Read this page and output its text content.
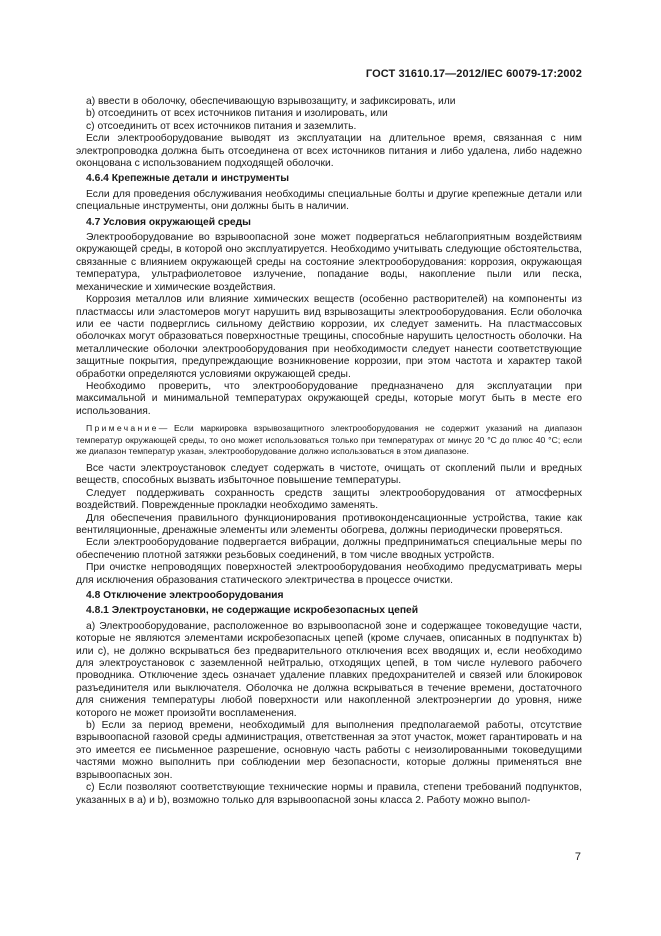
ГОСТ 31610.17—2012/IEC 60079-17:2002

a) ввести в оболочку, обеспечивающую взрывозащиту, и зафиксировать, или

b) отсоединить от всех источников питания и изолировать, или

c) отсоединить от всех источников питания и заземлить.

Если электрооборудование выводят из эксплуатации на длительное время, связанная с ним электропроводка должна быть отсоединена от всех источников питания и либо удалена, либо надежно оконцована с использованием подходящей оболочки.

4.6.4 Крепежные детали и инструменты

Если для проведения обслуживания необходимы специальные болты и другие крепежные детали или специальные инструменты, они должны быть в наличии.

4.7 Условия окружающей среды

Электрооборудование во взрывоопасной зоне может подвергаться неблагоприятным воздействиям окружающей среды, в которой оно эксплуатируется. Необходимо учитывать следующие обстоятельства, связанные с влиянием окружающей среды на состояние электрооборудования: коррозия, окружающая температура, ультрафиолетовое излучение, попадание воды, накопление пыли или песка, механические и химические воздействия.

Коррозия металлов или влияние химических веществ (особенно растворителей) на компоненты из пластмассы или эластомеров могут нарушить вид взрывозащиты электрооборудования. Если оболочка или ее части подверглись сильному действию коррозии, их следует заменить. На пластмассовых оболочках могут образоваться поверхностные трещины, способные нарушить целостность оболочки. На металлические оболочки электрооборудования при необходимости следует нанести соответствующие защитные покрытия, предупреждающие возникновение коррозии, при этом частота и характер такой обработки определяются условиями окружающей среды.

Необходимо проверить, что электрооборудование предназначено для эксплуатации при максимальной и минимальной температурах окружающей среды, которые могут быть в месте его использования.

Примечание— Если маркировка взрывозащитного электрооборудования не содержит указаний на диапазон температур окружающей среды, то оно может использоваться только при температурах от минус 20 °С до плюс 40 °С; если же диапазон температур указан, электрооборудование должно использоваться в этом диапазоне.

Все части электроустановок следует содержать в чистоте, очищать от скоплений пыли и вредных веществ, способных вызвать избыточное повышение температуры.

Следует поддерживать сохранность средств защиты электрооборудования от атмосферных воздействий. Поврежденные прокладки необходимо заменять.

Для обеспечения правильного функционирования противоконденсационные устройства, такие как вентиляционные, дренажные элементы или элементы обогрева, должны периодически проверяться.

Если электрооборудование подвергается вибрации, должны предприниматься специальные меры по обеспечению плотной затяжки резьбовых соединений, в том числе вводных устройств.

При очистке непроводящих поверхностей электрооборудования необходимо предусматривать меры для исключения образования статического электричества в процессе очистки.

4.8 Отключение электрооборудования

4.8.1 Электроустановки, не содержащие искробезопасных цепей

a) Электрооборудование, расположенное во взрывоопасной зоне и содержащее токоведущие части, которые не являются элементами искробезопасных цепей (кроме случаев, описанных в подпунктах b) или c), не должно вскрываться без предварительного отключения всех вводящих и, если необходимо для электроустановок с заземленной нейтралью, отходящих цепей, в том числе нулевого рабочего проводника. Отключение здесь означает удаление плавких предохранителей и связей или блокировок разъединителя или выключателя. Оболочка не должна вскрываться в течение времени, достаточного для снижения температуры любой поверхности или накопленной электроэнергии до уровня, ниже которого не может произойти воспламенения.

b) Если за период времени, необходимый для выполнения предполагаемой работы, отсутствие взрывоопасной газовой среды администрация, ответственная за этот участок, может гарантировать и на это имеется ее письменное разрешение, основную часть работы с неизолированными токоведущими частями можно выполнить при соблюдении мер безопасности, которые должны применяться вне взрывоопасных зон.

c) Если позволяют соответствующие технические нормы и правила, степени требований подпунктов, указанных в a) и b), возможно только для взрывоопасной зоны класса 2. Работу можно выпол-

7
